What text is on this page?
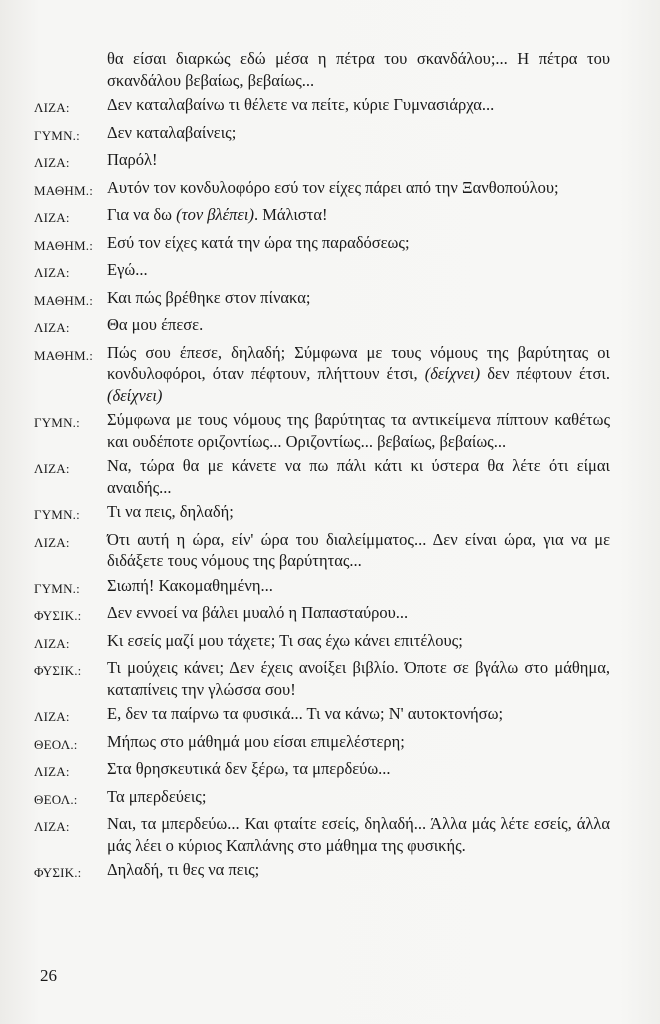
θα είσαι διαρκώς εδώ μέσα η πέτρα του σκανδάλου;... Η πέτρα του σκανδάλου βεβαίως, βεβαίως...
ΛΙΖΑ:	Δεν καταλαβαίνω τι θέλετε να πείτε, κύριε Γυμνασιάρχα...
ΓΥΜΝ.:	Δεν καταλαβαίνεις;
ΛΙΖΑ:	Παρόλ!
ΜΑΘΗΜ.: Αυτόν τον κονδυλοφόρο εσύ τον είχες πάρει από την Ξανθοπούλου;
ΛΙΖΑ:	Για να δω (τον βλέπει). Μάλιστα!
ΜΑΘΗΜ.: Εσύ τον είχες κατά την ώρα της παραδόσεως;
ΛΙΖΑ:	Εγώ...
ΜΑΘΗΜ.: Και πώς βρέθηκε στον πίνακα;
ΛΙΖΑ:	Θα μου έπεσε.
ΜΑΘΗΜ.: Πώς σου έπεσε, δηλαδή; Σύμφωνα με τους νόμους της βαρύτητας οι κονδυλοφόροι, όταν πέφτουν, πλήττουν έτσι, (δείχνει) δεν πέφτουν έτσι. (δείχνει)
ΓΥΜΝ.:	Σύμφωνα με τους νόμους της βαρύτητας τα αντικείμενα πίπτουν καθέτως και ουδέποτε οριζοντίως... Οριζοντίως... βεβαίως, βεβαίως...
ΛΙΖΑ:	Να, τώρα θα με κάνετε να πω πάλι κάτι κι ύστερα θα λέτε ότι είμαι αναιδής...
ΓΥΜΝ.:	Τι να πεις, δηλαδή;
ΛΙΖΑ:	Ότι αυτή η ώρα, είν' ώρα του διαλείμματος... Δεν είναι ώρα, για να με διδάξετε τους νόμους της βαρύτητας...
ΓΥΜΝ.:	Σιωπή! Κακομαθημένη...
ΦΥΣΙΚ.:	Δεν εννοεί να βάλει μυαλό η Παπασταύρου...
ΛΙΖΑ:	Κι εσείς μαζί μου τάχετε; Τι σας έχω κάνει επιτέλους;
ΦΥΣΙΚ.:	Τι μούχεις κάνει; Δεν έχεις ανοίξει βιβλίο. Όποτε σε βγάλω στο μάθημα, καταπίνεις την γλώσσα σου!
ΛΙΖΑ:	Ε, δεν τα παίρνω τα φυσικά... Τι να κάνω; Ν' αυτοκτονήσω;
ΘΕΟΛ.:	Μήπως στο μάθημά μου είσαι επιμελέστερη;
ΛΙΖΑ:	Στα θρησκευτικά δεν ξέρω, τα μπερδεύω...
ΘΕΟΛ.:	Τα μπερδεύεις;
ΛΙΖΑ:	Ναι, τα μπερδεύω... Και φταίτε εσείς, δηλαδή... Άλλα μάς λέτε εσείς, άλλα μάς λέει ο κύριος Καπλάνης στο μάθημα της φυσικής.
ΦΥΣΙΚ.:	Δηλαδή, τι θες να πεις;
26
